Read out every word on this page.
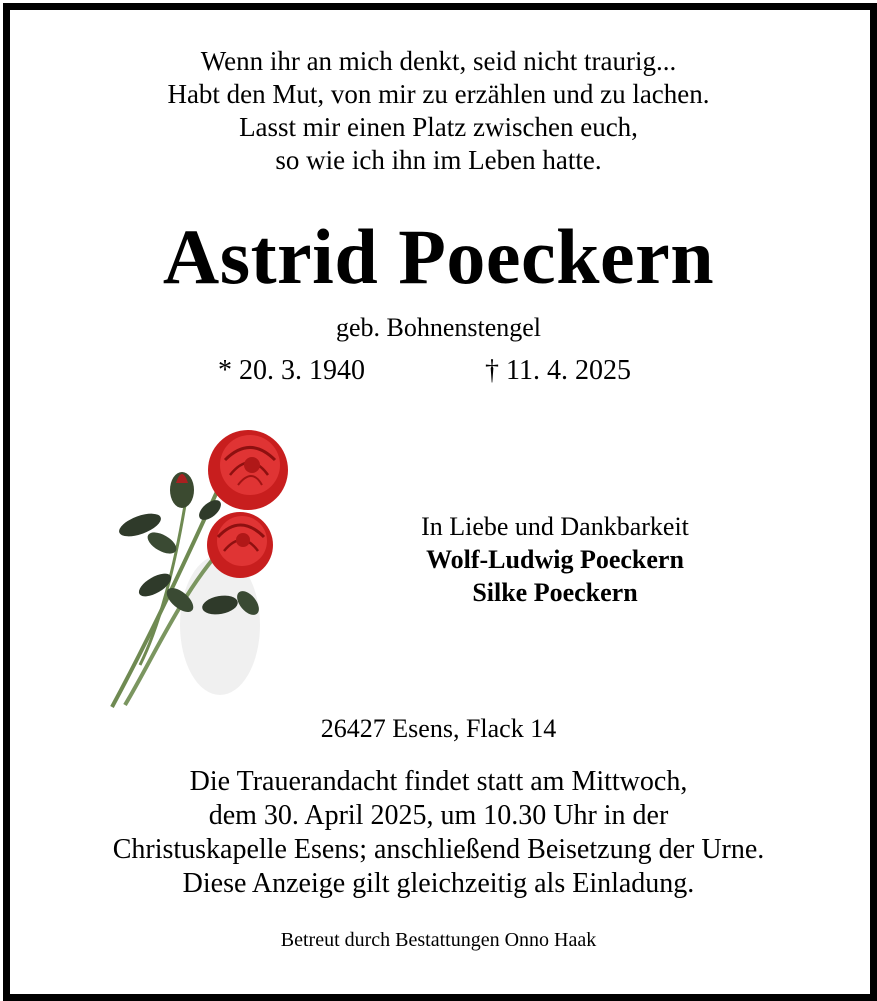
Wenn ihr an mich denkt, seid nicht traurig...
Habt den Mut, von mir zu erzählen und zu lachen.
Lasst mir einen Platz zwischen euch,
so wie ich ihn im Leben hatte.
Astrid Poeckern
geb. Bohnenstengel
* 20. 3. 1940	† 11. 4. 2025
In Liebe und Dankbarkeit
Wolf-Ludwig Poeckern
Silke Poeckern
26427 Esens, Flack 14
Die Trauerandacht findet statt am Mittwoch,
dem 30. April 2025, um 10.30 Uhr in der
Christuskapelle Esens; anschließend Beisetzung der Urne.
Diese Anzeige gilt gleichzeitig als Einladung.
Betreut durch Bestattungen Onno Haak
